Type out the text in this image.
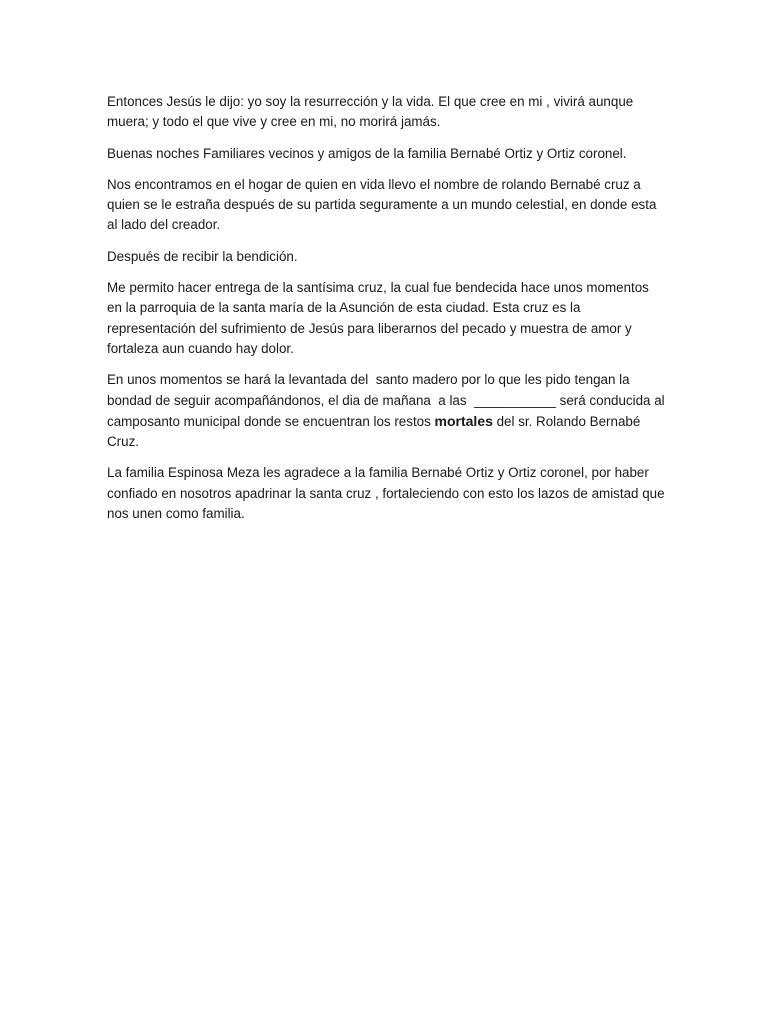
Entonces Jesús le dijo: yo soy la resurrección y la vida. El que cree en mi , vivirá aunque muera; y todo el que vive y cree en mi, no morirá jamás.

Buenas noches Familiares vecinos y amigos de la familia Bernabé Ortiz y Ortiz coronel.

Nos encontramos en el hogar de quien en vida llevo el nombre de rolando Bernabé cruz a quien se le estraña después de su partida seguramente a un mundo celestial, en donde esta al lado del creador.

Después de recibir la bendición.

Me permito hacer entrega de la santísima cruz, la cual fue bendecida hace unos momentos en la parroquia de la santa maría de la Asunción de esta ciudad. Esta cruz es la representación del sufrimiento de Jesús para liberarnos del pecado y muestra de amor y fortaleza aun cuando hay dolor.

En unos momentos se hará la levantada del  santo madero por lo que les pido tengan la bondad de seguir acompañándonos, el dia de mañana  a las  ___________ será conducida al camposanto municipal donde se encuentran los restos mortales del sr. Rolando Bernabé Cruz.

La familia Espinosa Meza les agradece a la familia Bernabé Ortiz y Ortiz coronel, por haber confiado en nosotros apadrinar la santa cruz , fortaleciendo con esto los lazos de amistad que nos unen como familia.
